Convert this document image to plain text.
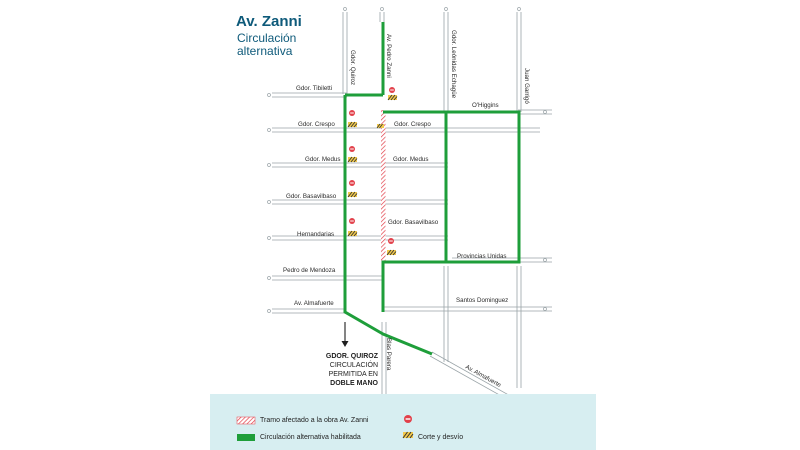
Gdor. Tibiletti
O'Higgins
Gdor. Crespo	Gdor. Crespo
Gdor. Medus	Gdor. Medus
Gdor. Basavilbaso
Gdor. Basavilbaso
Hernandarias
Provincias Unidas
Pedro de Mendoza
Santos Dominguez
Av. Almafuerte
Av. Almafuerte
Gdor. Quiroz	Av. Pedro Zanni	Gdor. Leónidas Echagüe	Juan Garrigó
Blas Parera
Av. Zanni
Circulación
alternativa
GDOR. QUIROZ
CIRCULACIÓN
PERMITIDA EN
DOBLE MANO
Tramo afectado a la obra Av. Zanni
Circulación alternativa habilitada	Corte y desvío
